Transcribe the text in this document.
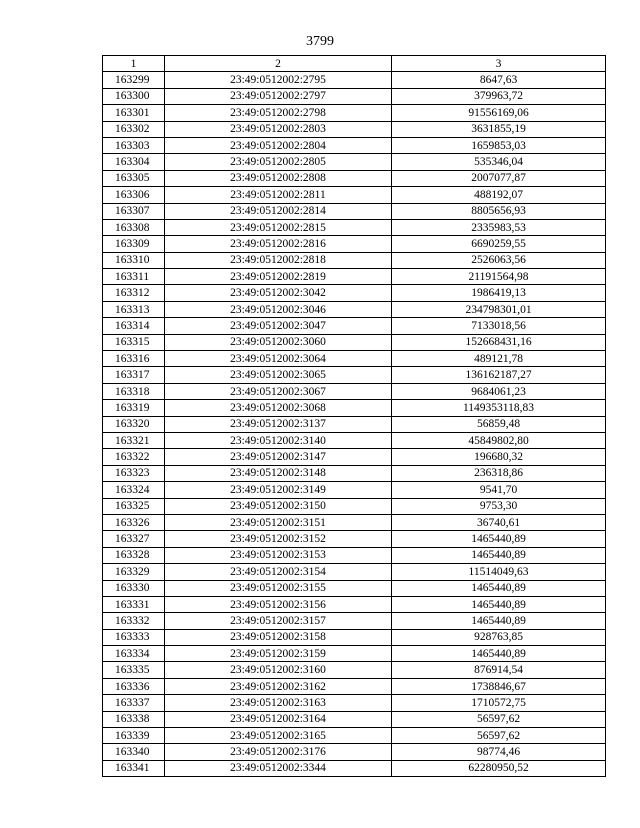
3799
1	2	3
163299	23:49:0512002:2795	8647,63
163300	23:49:0512002:2797	379963,72
163301	23:49:0512002:2798	91556169,06
163302	23:49:0512002:2803	3631855,19
163303	23:49:0512002:2804	1659853,03
163304	23:49:0512002:2805	535346,04
163305	23:49:0512002:2808	2007077,87
163306	23:49:0512002:2811	488192,07
163307	23:49:0512002:2814	8805656,93
163308	23:49:0512002:2815	2335983,53
163309	23:49:0512002:2816	6690259,55
163310	23:49:0512002:2818	2526063,56
163311	23:49:0512002:2819	21191564,98
163312	23:49:0512002:3042	1986419,13
163313	23:49:0512002:3046	234798301,01
163314	23:49:0512002:3047	7133018,56
163315	23:49:0512002:3060	152668431,16
163316	23:49:0512002:3064	489121,78
163317	23:49:0512002:3065	136162187,27
163318	23:49:0512002:3067	9684061,23
163319	23:49:0512002:3068	1149353118,83
163320	23:49:0512002:3137	56859,48
163321	23:49:0512002:3140	45849802,80
163322	23:49:0512002:3147	196680,32
163323	23:49:0512002:3148	236318,86
163324	23:49:0512002:3149	9541,70
163325	23:49:0512002:3150	9753,30
163326	23:49:0512002:3151	36740,61
163327	23:49:0512002:3152	1465440,89
163328	23:49:0512002:3153	1465440,89
163329	23:49:0512002:3154	11514049,63
163330	23:49:0512002:3155	1465440,89
163331	23:49:0512002:3156	1465440,89
163332	23:49:0512002:3157	1465440,89
163333	23:49:0512002:3158	928763,85
163334	23:49:0512002:3159	1465440,89
163335	23:49:0512002:3160	876914,54
163336	23:49:0512002:3162	1738846,67
163337	23:49:0512002:3163	1710572,75
163338	23:49:0512002:3164	56597,62
163339	23:49:0512002:3165	56597,62
163340	23:49:0512002:3176	98774,46
163341	23:49:0512002:3344	62280950,52
